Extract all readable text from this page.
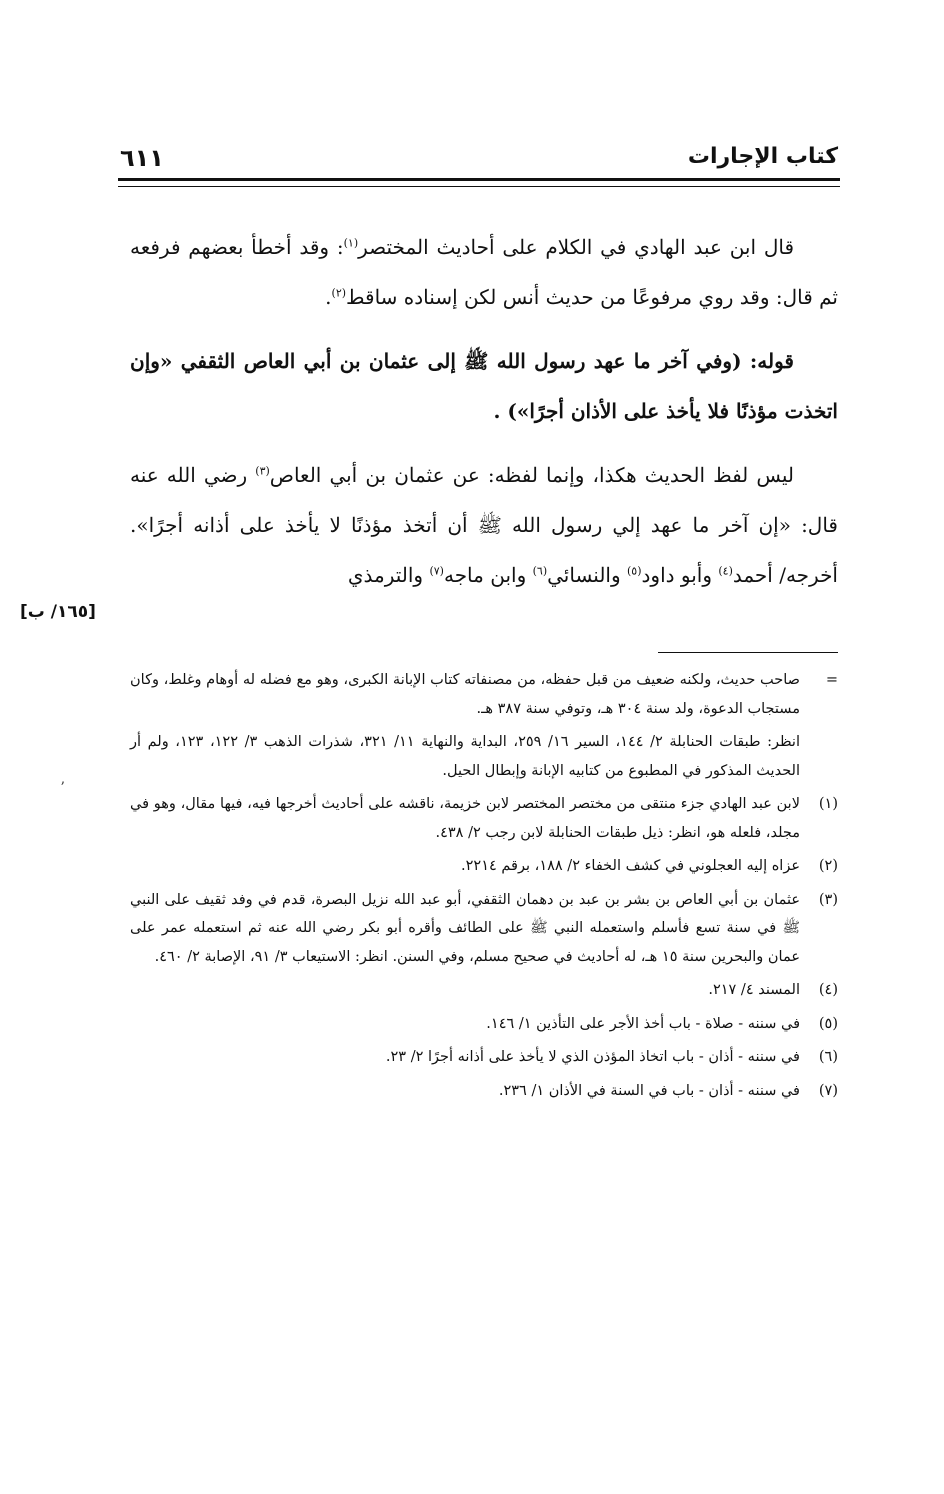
كتاب الإجارات
٦١١

قال ابن عبد الهادي في الكلام على أحاديث المختصر$^{(١)}$: وقد أخطأ بعضهم فرفعه ثم قال: وقد روي مرفوعًا من حديث أنس لكن إسناده ساقط$^{(٢)}$.

قوله: (وفي آخر ما عهد رسول الله ﷺ إلى عثمان بن أبي العاص الثقفي «وإن اتخذت مؤذنًا فلا يأخذ على الأذان أجرًا») .

ليس لفظ الحديث هكذا، وإنما لفظه: عن عثمان بن أبي العاص$^{(٣)}$ رضي الله عنه قال: «إن آخر ما عهد إلي رسول الله ﷺ أن أتخذ مؤذنًا لا يأخذ على أذانه أجرًا». أخرجه/ أحمد$^{(٤)}$ وأبو داود$^{(٥)}$ والنسائي$^{(٦)}$ وابن ماجه$^{(٧)}$ والترمذي

[١٦٥/ ب]
ʼ
=
صاحب حديث، ولكنه ضعيف من قبل حفظه، من مصنفاته كتاب الإبانة الكبرى، وهو مع فضله له أوهام وغلط، وكان مستجاب الدعوة، ولد سنة ٣٠٤ هـ، وتوفي سنة ٣٨٧ هـ.
انظر: طبقات الحنابلة ٢/ ١٤٤، السير ١٦/ ٢٥٩، البداية والنهاية ١١/ ٣٢١، شذرات الذهب ٣/ ١٢٢، ١٢٣، ولم أر الحديث المذكور في المطبوع من كتابيه الإبانة وإبطال الحيل.
(١)
لابن عبد الهادي جزء منتقى من مختصر المختصر لابن خزيمة، ناقشه على أحاديث أخرجها فيه، فيها مقال، وهو في مجلد، فلعله هو، انظر: ذيل طبقات الحنابلة لابن رجب ٢/ ٤٣٨.
(٢)
عزاه إليه العجلوني في كشف الخفاء ٢/ ١٨٨، برقم ٢٢١٤.
(٣)
عثمان بن أبي العاص بن بشر بن عبد بن دهمان الثقفي، أبو عبد الله نزيل البصرة، قدم في وفد ثقيف على النبي ﷺ في سنة تسع فأسلم واستعمله النبي ﷺ على الطائف وأقره أبو بكر رضي الله عنه ثم استعمله عمر على عمان والبحرين سنة ١٥ هـ، له أحاديث في صحيح مسلم، وفي السنن. انظر: الاستيعاب ٣/ ٩١، الإصابة ٢/ ٤٦٠.
(٤)
المسند ٤/ ٢١٧.
(٥)
في سننه - صلاة - باب أخذ الأجر على التأذين ١/ ١٤٦.
(٦)
في سننه - أذان - باب اتخاذ المؤذن الذي لا يأخذ على أذانه أجرًا ٢/ ٢٣.
(٧)
في سننه - أذان - باب في السنة في الأذان ١/ ٢٣٦.
